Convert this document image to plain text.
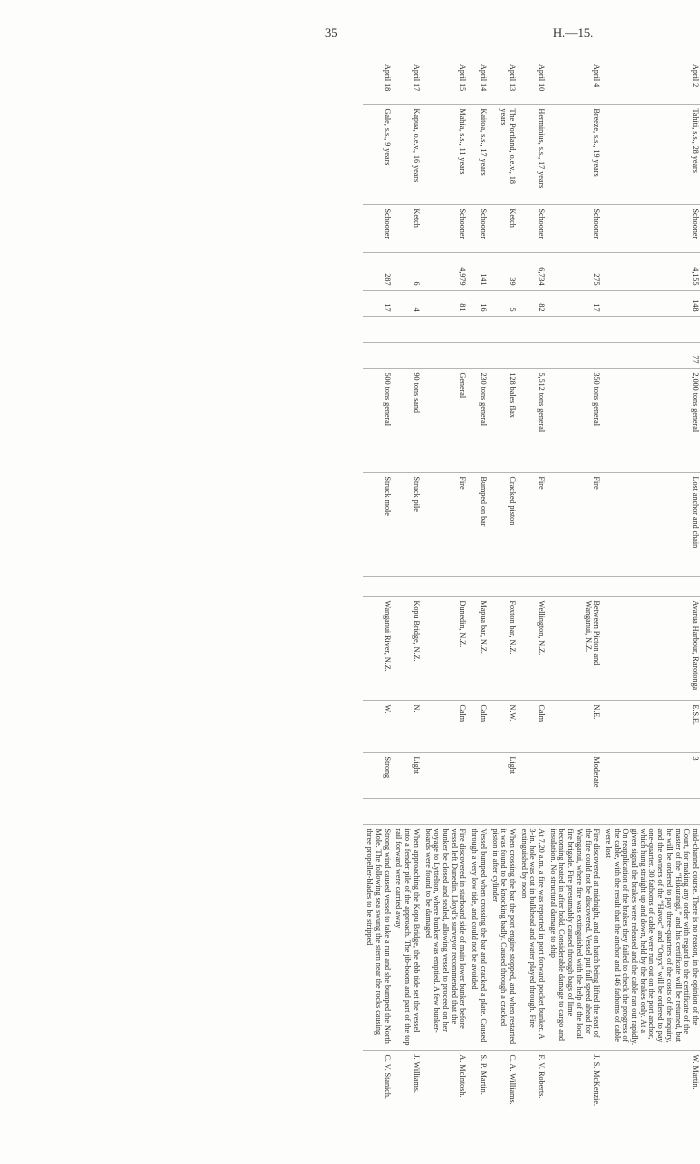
35	H.—15.
April 2	Tahiti, s.s., 28 years	Schooner	4,155	148		77	2,000 tons general	Lost anchor and chain		Avarua Harbour, Rarotonga	E.S.E.	3		mid-channel course. There is no reason, in the opinion of the Court, for making any order with regard to the certificate of the master of the “Hikurangi,” and his certificate will be returned, but he will be ordered to pay three-quarters of the costs of the inquiry, and the owners of the “Havoc” and “Onyx” will be ordered to pay one-quarter. 30 fathoms of cable were run out on the port anchor, which hung straight up and down, held by the brakes only. At a given signal the brakes were released and the cable ran out rapidly. On reapplication of the brakes they failed to check the progress of the cable, with the result that the anchor and 146 fathoms of cable were lost	W. Martin.
April 4	Breeze, s.s., 19 years	Schooner	275	17			350 tons general	Fire		Between Picton and Wanganui, N.Z.	N.E.	Moderate		Fire discovered at midnight, and on hatch being lifted the seat of the fire could not be discovered. Vessel put full speed ahead for Wanganui, where fire was extinguished with the help of the local fire brigade. Fire presumably caused through bags of lime becoming heated in after hold. Considerable damage to cargo and insulation. No structural damage to ship	J. S. McKenzie.
April 10	Herminius, s.s., 17 years	Schooner	6,734	82			5,512 tons general	Fire		Wellington, N.Z.	Calm			At 7.20 a.m. a fire was reported in port forward pocket bunker. A 3-in. hole was cut in bulkhead and water played through. Fire extinguished by noon	F. V. Roberts.
April 13	The Portland, o.e.v., 18 years	Ketch	39	5			128 bales flax	Cracked piston		Foxton bar, N.Z.	N.W.	Light		When crossing the bar the port engine stopped, and when restarted it was found to be knocking badly. Caused through a cracked piston in after cylinder	C. A. Williams.
April 14	Kaitoa, s.s., 17 years	Schooner	141	16			230 tons general	Bumped on bar		Mapua bar, N.Z.	Calm			Vessel bumped when crossing the bar and cracked a plate. Caused through a very low tide, and could not be avoided	S. P. Martin.
April 15	Mahia, s.s., 11 years	Schooner	4,979	81			General	Fire		Dunedin, N.Z.	Calm			Fire discovered in starboard side of main lower bunker before vessel left Dunedin. Lloyd’s surveyor recommended that the bunker be closed and sealed, allowing vessel to proceed on her voyage to Lyttelton, where bunker was emptied. A few bunker-boards were found to be damaged	A. McIntosh.
April 17	Kapua, o.e.v., 16 years	Ketch	6	4			90 tons sand	Struck pile		Kopu Bridge, N.Z.	N.	Light		When approaching the Kopu Bridge, the ebb tide set the vessel into a fender pile of the approach. The jib-boom and part of the top rail forward were carried away	J. Williams.
April 18	Gale, s.s., 9 years	Schooner	287	17			500 tons general	Struck mole		Wanganui River, N.Z.	W.	Strong		Strong wind caused vessel to take a run and she bumped the North Mole. The following sea swung the stern near the rocks causing three propeller-blades to be stripped	C. V. Stanich.
